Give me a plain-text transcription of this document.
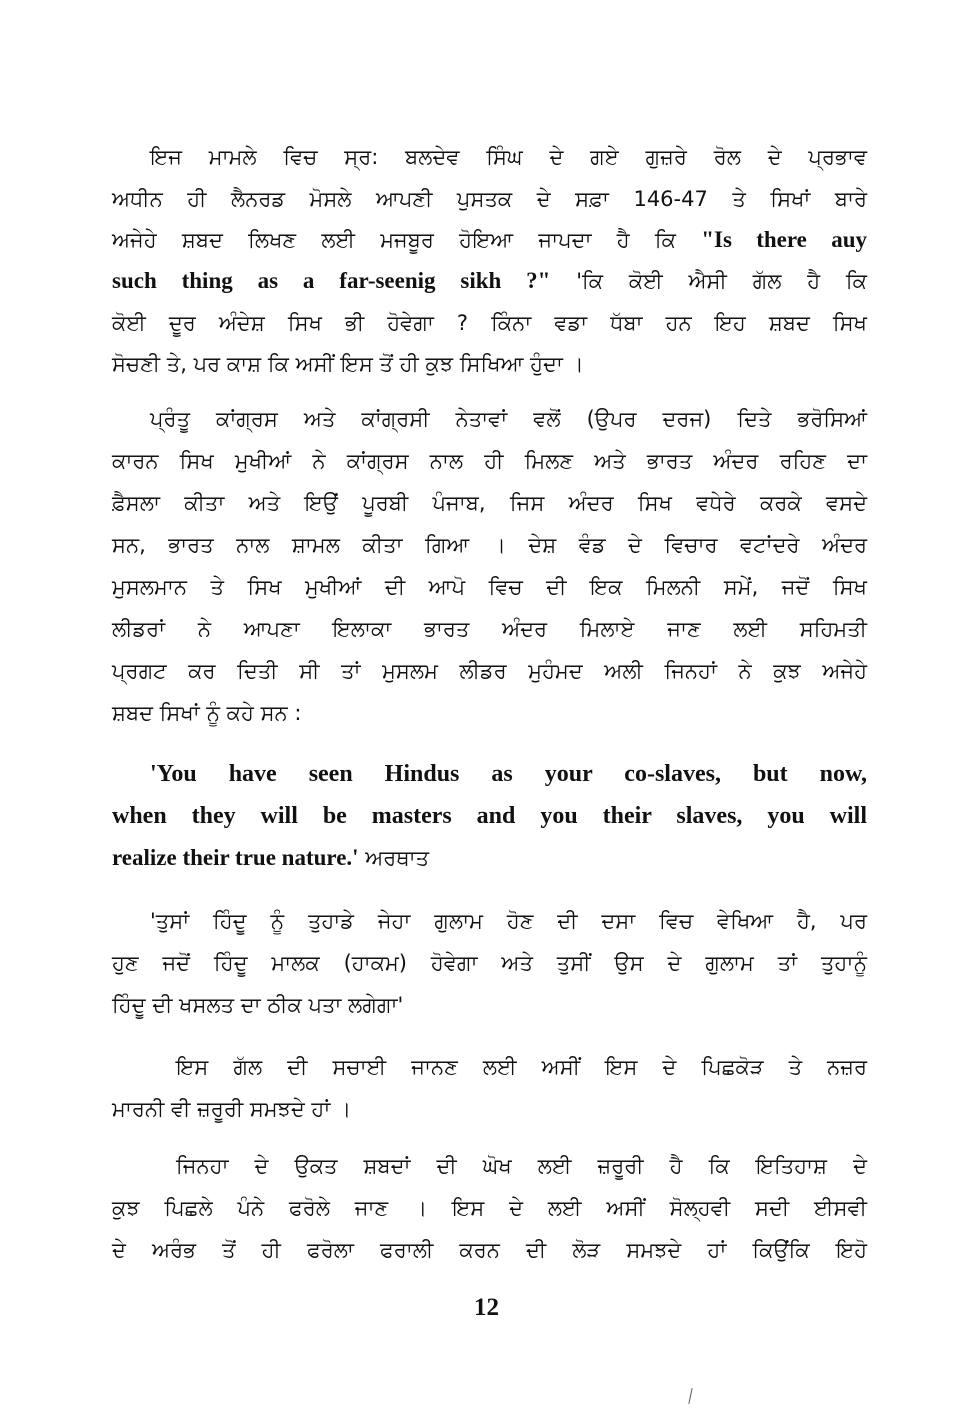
ਇਜ ਮਾਮਲੇ ਵਿਚ ਸ੍ਰ: ਬਲਦੇਵ ਸਿੰਘ ਦੇ ਗਏ ਗੁਜ਼ਰੇ ਰੋਲ ਦੇ ਪ੍ਰਭਾਵ
ਅਧੀਨ ਹੀ ਲੈਨਰਡ ਮੋਸਲੇ ਆਪਣੀ ਪੁਸਤਕ ਦੇ ਸਫ਼ਾ 146-47 ਤੇ ਸਿਖਾਂ ਬਾਰੇ
ਅਜੇਹੇ ਸ਼ਬਦ ਲਿਖਣ ਲਈ ਮਜਬੂਰ ਹੋਇਆ ਜਾਪਦਾ ਹੈ ਕਿ "Is there auy
such thing as a far-seenig sikh ?" 'ਕਿ ਕੋਈ ਐਸੀ ਗੱਲ ਹੈ ਕਿ
ਕੋਈ ਦੂਰ ਅੰਦੇਸ਼ ਸਿਖ ਭੀ ਹੋਵੇਗਾ ? ਕਿੰਨਾ ਵਡਾ ਧੱਬਾ ਹਨ ਇਹ ਸ਼ਬਦ ਸਿਖ
ਸੋਚਣੀ ਤੇ, ਪਰ ਕਾਸ਼ ਕਿ ਅਸੀਂ ਇਸ ਤੋਂ ਹੀ ਕੁਝ ਸਿਖਿਆ ਹੁੰਦਾ ।
ਪ੍ਰੰਤੂ ਕਾਂਗ੍ਰਸ ਅਤੇ ਕਾਂਗ੍ਰਸੀ ਨੇਤਾਵਾਂ ਵਲੋਂ (ਉਪਰ ਦਰਜ) ਦਿਤੇ ਭਰੋਸਿਆਂ
ਕਾਰਨ ਸਿਖ ਮੁਖੀਆਂ ਨੇ ਕਾਂਗ੍ਰਸ ਨਾਲ ਹੀ ਮਿਲਣ ਅਤੇ ਭਾਰਤ ਅੰਦਰ ਰਹਿਣ ਦਾ
ਫ਼ੈਸਲਾ ਕੀਤਾ ਅਤੇ ਇਉਂ ਪੂਰਬੀ ਪੰਜਾਬ, ਜਿਸ ਅੰਦਰ ਸਿਖ ਵਧੇਰੇ ਕਰਕੇ ਵਸਦੇ
ਸਨ, ਭਾਰਤ ਨਾਲ ਸ਼ਾਮਲ ਕੀਤਾ ਗਿਆ । ਦੇਸ਼ ਵੰਡ ਦੇ ਵਿਚਾਰ ਵਟਾਂਦਰੇ ਅੰਦਰ
ਮੁਸਲਮਾਨ ਤੇ ਸਿਖ ਮੁਖੀਆਂ ਦੀ ਆਪੋ ਵਿਚ ਦੀ ਇਕ ਮਿਲਨੀ ਸਮੇਂ, ਜਦੋਂ ਸਿਖ
ਲੀਡਰਾਂ ਨੇ ਆਪਣਾ ਇਲਾਕਾ ਭਾਰਤ ਅੰਦਰ ਮਿਲਾਏ ਜਾਣ ਲਈ ਸਹਿਮਤੀ
ਪ੍ਰਗਟ ਕਰ ਦਿਤੀ ਸੀ ਤਾਂ ਮੁਸਲਮ ਲੀਡਰ ਮੁਹੰਮਦ ਅਲੀ ਜਿਨਹਾਂ ਨੇ ਕੁਝ ਅਜੇਹੇ
ਸ਼ਬਦ ਸਿਖਾਂ ਨੂੰ ਕਹੇ ਸਨ :
'You have seen Hindus as your co-slaves, but now,
when they will be masters and you their slaves, you will
realize their true nature.' ਅਰਥਾਤ
'ਤੁਸਾਂ ਹਿੰਦੂ ਨੂੰ ਤੁਹਾਡੇ ਜੇਹਾ ਗੁਲਾਮ ਹੋਣ ਦੀ ਦਸਾ ਵਿਚ ਵੇਖਿਆ ਹੈ, ਪਰ
ਹੁਣ ਜਦੋਂ ਹਿੰਦੂ ਮਾਲਕ (ਹਾਕਮ) ਹੋਵੇਗਾ ਅਤੇ ਤੁਸੀਂ ਉਸ ਦੇ ਗੁਲਾਮ ਤਾਂ ਤੁਹਾਨੂੰ
ਹਿੰਦੂ ਦੀ ਖਸਲਤ ਦਾ ਠੀਕ ਪਤਾ ਲਗੇਗਾ'
ਇਸ ਗੱਲ ਦੀ ਸਚਾਈ ਜਾਨਣ ਲਈ ਅਸੀਂ ਇਸ ਦੇ ਪਿਛਕੋੜ ਤੇ ਨਜ਼ਰ
ਮਾਰਨੀ ਵੀ ਜ਼ਰੂਰੀ ਸਮਝਦੇ ਹਾਂ ।
ਜਿਨਹਾ ਦੇ ਉਕਤ ਸ਼ਬਦਾਂ ਦੀ ਘੋਖ ਲਈ ਜ਼ਰੂਰੀ ਹੈ ਕਿ ਇਤਿਹਾਸ਼ ਦੇ
ਕੁਝ ਪਿਛਲੇ ਪੰਨੇ ਫਰੋਲੇ ਜਾਣ । ਇਸ ਦੇ ਲਈ ਅਸੀਂ ਸੋਲ੍ਹਵੀ ਸਦੀ ਈਸਵੀ
ਦੇ ਅਰੰਭ ਤੋਂ ਹੀ ਫਰੋਲਾ ਫਰਾਲੀ ਕਰਨ ਦੀ ਲੋੜ ਸਮਝਦੇ ਹਾਂ ਕਿਉਂਕਿ ਇਹੋ
12
